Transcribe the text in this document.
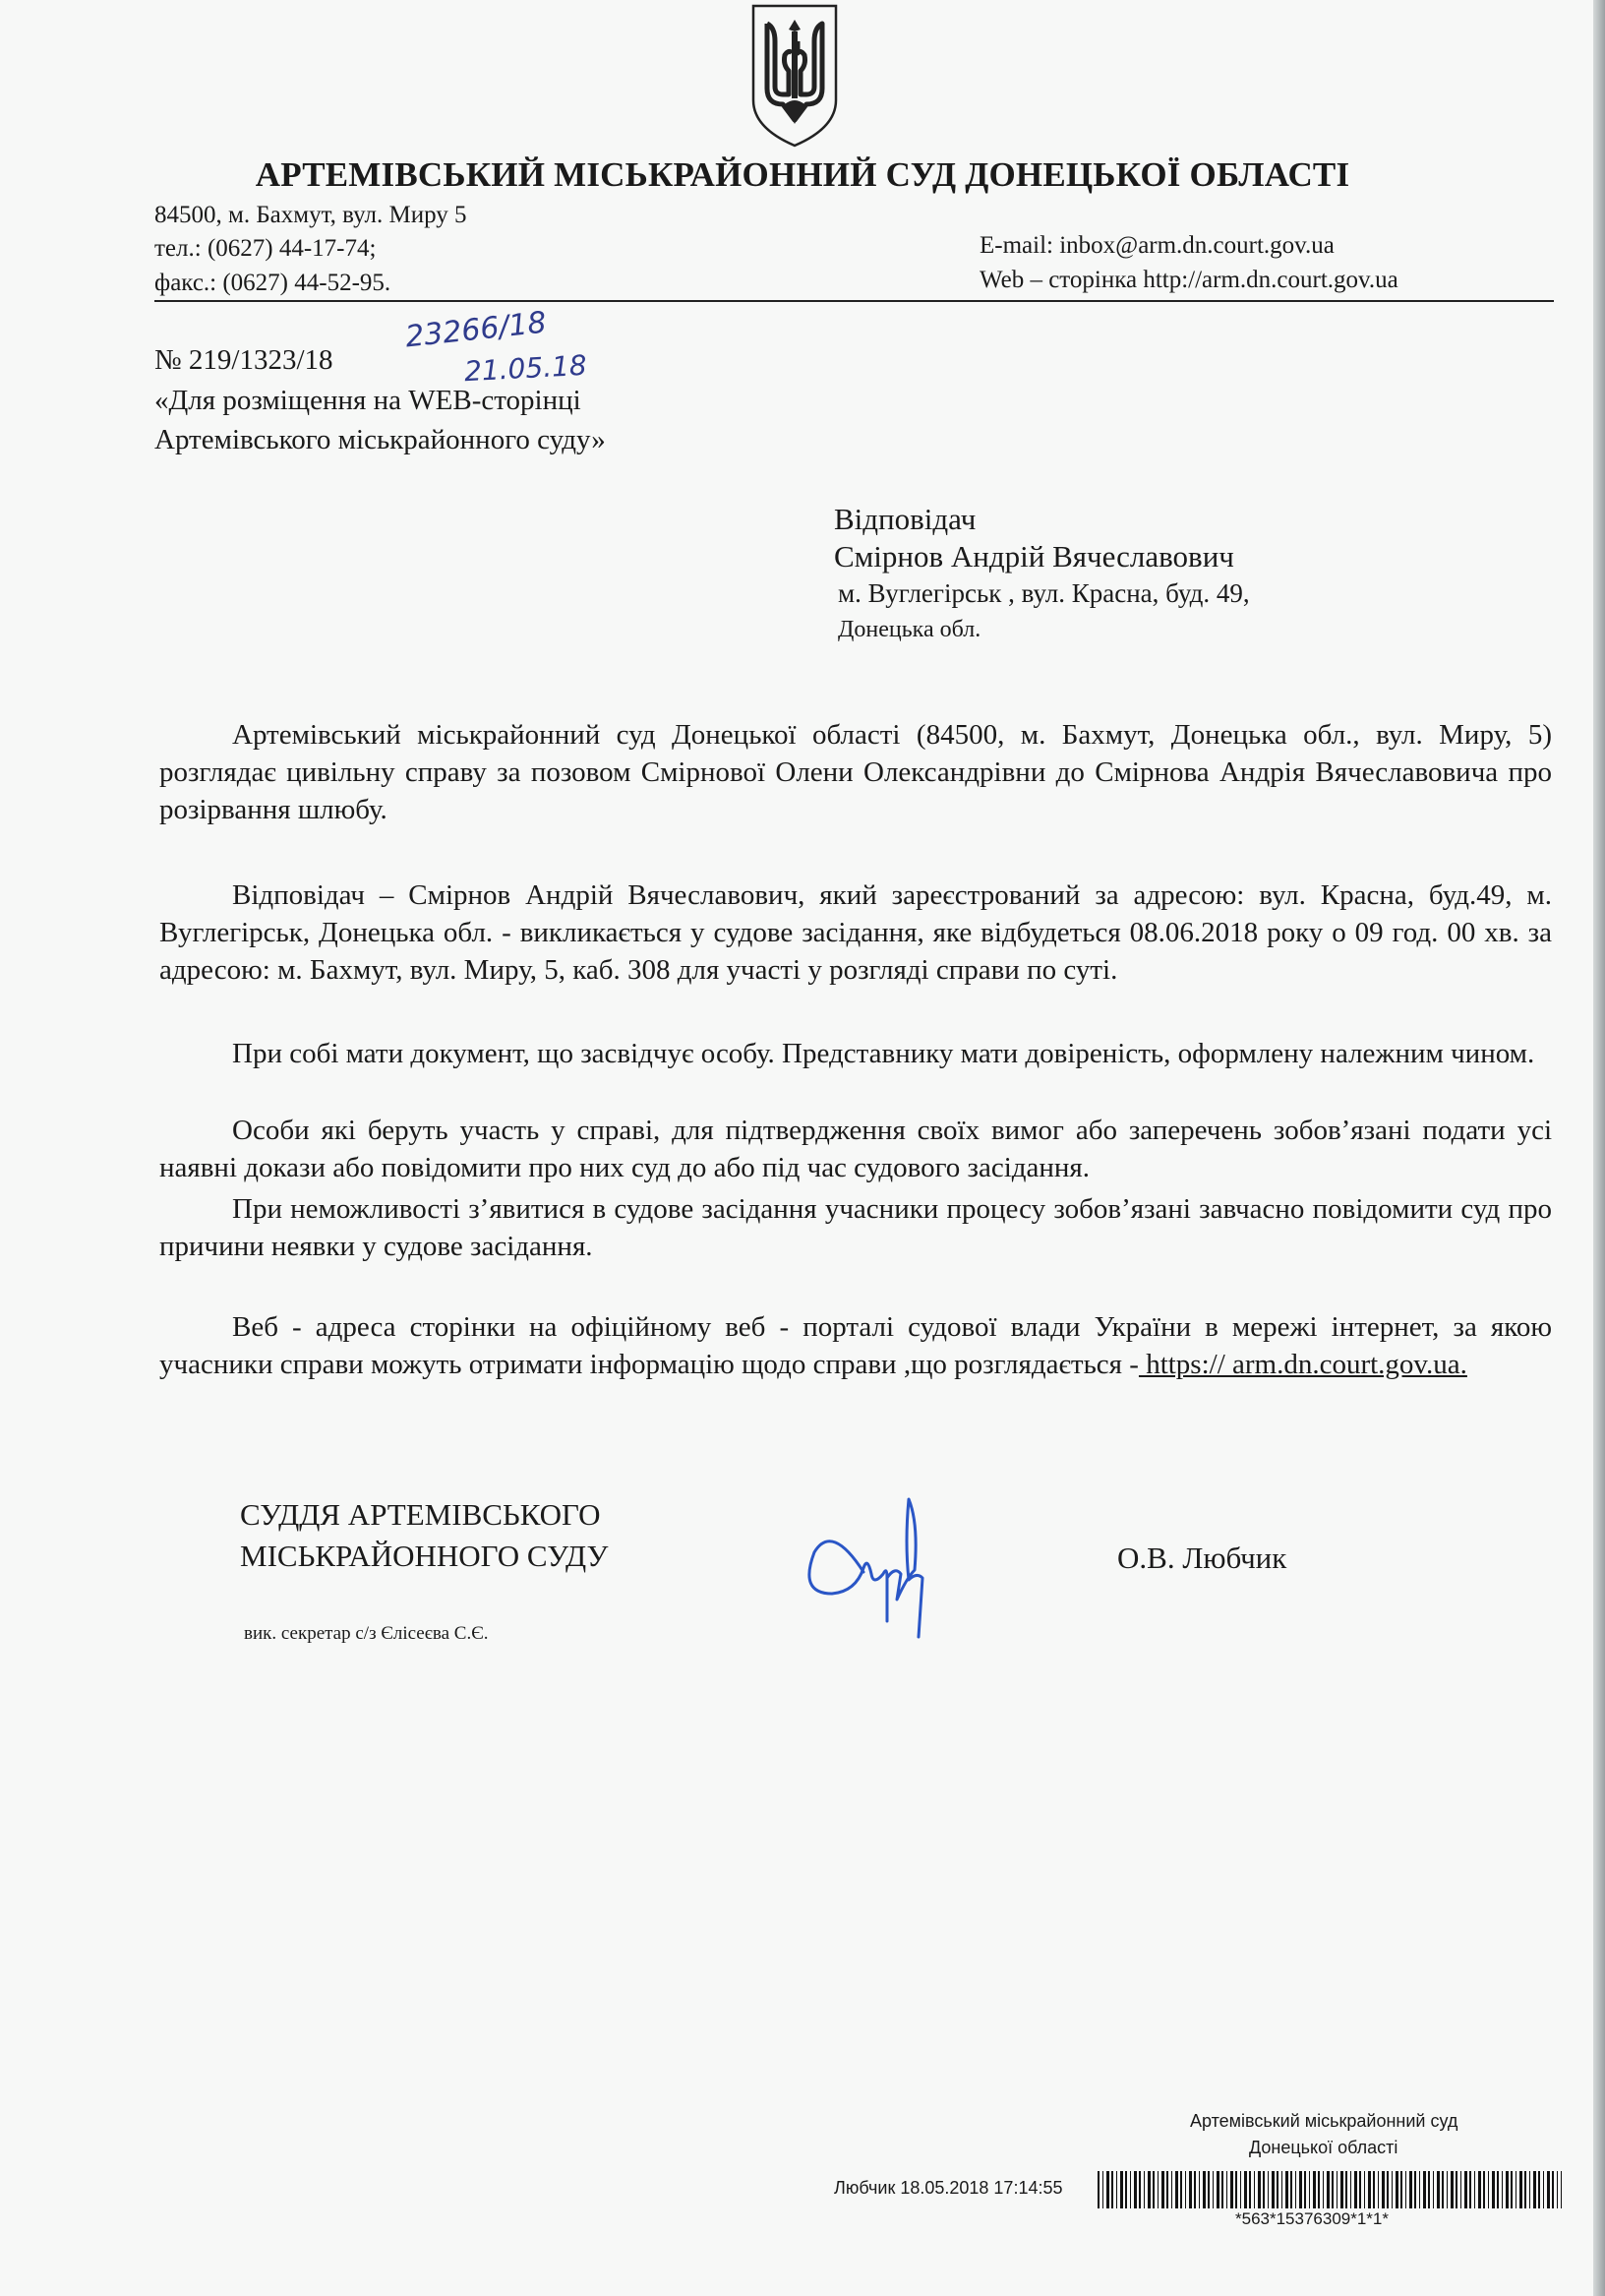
АРТЕМІВСЬКИЙ МІСЬКРАЙОННИЙ СУД ДОНЕЦЬКОЇ ОБЛАСТІ
84500, м. Бахмут, вул. Миру 5
тел.: (0627) 44-17-74;
факс.: (0627) 44-52-95.
E-mail: inbox@arm.dn.court.gov.ua
Web – сторінка http://arm.dn.court.gov.ua
№ 219/1323/18
23266/18
21.05.18
«Для розміщення на WEB-сторінці
Артемівського міськрайонного суду»
Відповідач
Смірнов Андрій Вячеславович
м. Вуглегірськ , вул. Красна, буд. 49,
Донецька обл.

Артемівський міськрайонний суд Донецької області (84500, м. Бахмут, Донецька обл., вул. Миру, 5) розглядає цивільну справу за позовом Смірнової Олени Олександрівни до Смірнова Андрія Вячеславовича про розірвання шлюбу.

Відповідач – Смірнов Андрій Вячеславович, який зареєстрований за адресою: вул. Красна, буд.49, м. Вуглегірськ, Донецька обл. - викликається у судове засідання, яке відбудеться 08.06.2018 року о 09 год. 00 хв. за адресою: м. Бахмут, вул. Миру, 5, каб. 308 для участі у розгляді справи по суті.

При собі мати документ, що засвідчує особу. Представнику мати довіреність, оформлену належним чином.

Особи які беруть участь у справі, для підтвердження своїх вимог або заперечень зобов’язані подати усі наявні докази або повідомити про них суд до або під час судового засідання.

При неможливості з’явитися в судове засідання учасники процесу зобов’язані завчасно повідомити суд про причини неявки у судове засідання.

Веб - адреса сторінки на офіційному веб - порталі судової влади України в мережі інтернет, за якою учасники справи можуть отримати інформацію щодо справи ,що розглядається - https:// arm.dn.court.gov.ua.

СУДДЯ АРТЕМІВСЬКОГО
МІСЬКРАЙОННОГО СУДУ	О.В. Любчик
вик. секретар с/з Єлісеєва С.Є.
Артемівський міськрайонний суд
Донецької області
Любчик 18.05.2018 17:14:55
*563*15376309*1*1*
